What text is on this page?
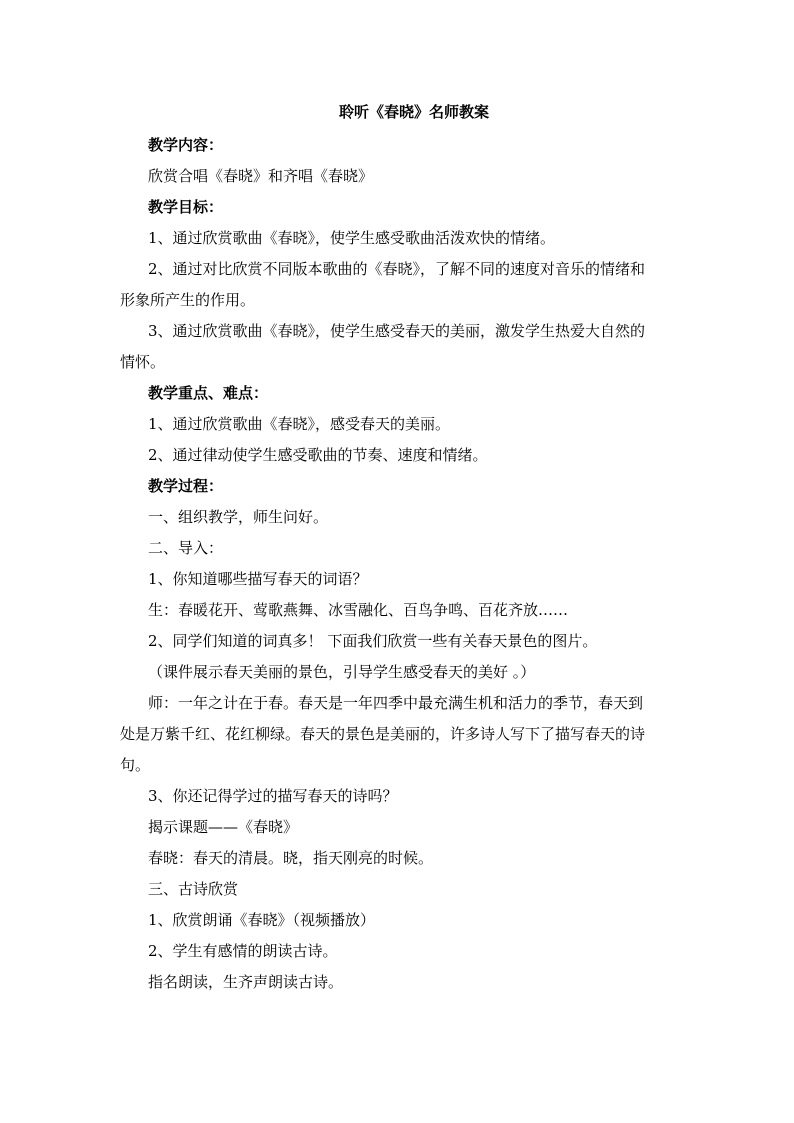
聆听《春晓》名师教案

教学内容：

欣赏合唱《春晓》和齐唱《春晓》

教学目标：

1、通过欣赏歌曲《春晓》，使学生感受歌曲活泼欢快的情绪。

2、通过对比欣赏不同版本歌曲的《春晓》，了解不同的速度对音乐的情绪和

形象所产生的作用。

3、通过欣赏歌曲《春晓》，使学生感受春天的美丽，激发学生热爱大自然的

情怀。

教学重点、难点：

1、通过欣赏歌曲《春晓》，感受春天的美丽。

2、通过律动使学生感受歌曲的节奏、速度和情绪。

教学过程：

一、组织教学，师生问好。

二、导入：

1、你知道哪些描写春天的词语？

生：春暖花开、莺歌燕舞、冰雪融化、百鸟争鸣、百花齐放……

2、同学们知道的词真多！ 下面我们欣赏一些有关春天景色的图片。

（课件展示春天美丽的景色，引导学生感受春天的美好 。）

师：一年之计在于春。春天是一年四季中最充满生机和活力的季节，春天到

处是万紫千红、花红柳绿。春天的景色是美丽的，许多诗人写下了描写春天的诗

句。

3、你还记得学过的描写春天的诗吗？

揭示课题——《春晓》

春晓：春天的清晨。晓，指天刚亮的时候。

三、古诗欣赏

1、欣赏朗诵《春晓》（视频播放）

2、学生有感情的朗读古诗。

指名朗读，生齐声朗读古诗。
